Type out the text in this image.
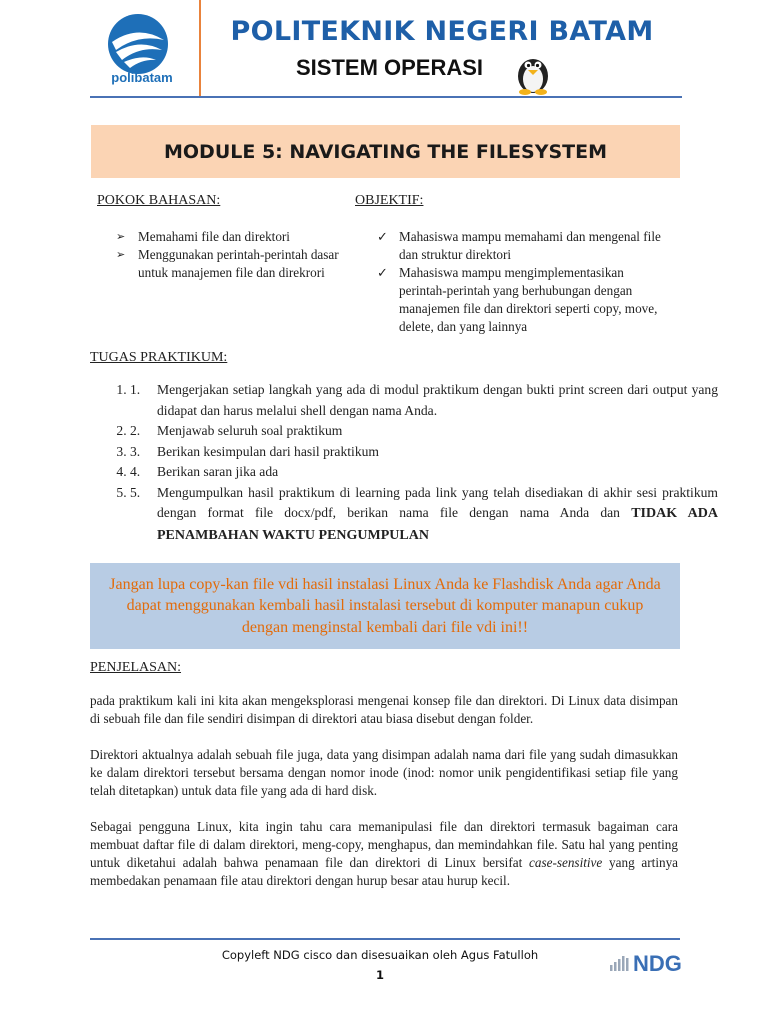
polibatam
POLITEKNIK NEGERI BATAM
SISTEM OPERASI
MODULE 5: NAVIGATING THE FILESYSTEM
POKOK BAHASAN:	OBJEKTIF:
➢ Memahami file dan direktori
➢ Menggunakan perintah-perintah dasar untuk manajemen file dan direkrori
✓ Mahasiswa mampu memahami dan mengenal file dan struktur direktori
✓ Mahasiswa mampu mengimplementasikan perintah-perintah yang berhubungan dengan manajemen file dan direktori seperti copy, move, delete, dan yang lainnya
TUGAS PRAKTIKUM:
1. 1. Mengerjakan setiap langkah yang ada di modul praktikum dengan bukti print screen dari output yang didapat dan harus melalui shell dengan nama Anda.
2. 2. Menjawab seluruh soal praktikum
3. 3. Berikan kesimpulan dari hasil praktikum
4. 4. Berikan saran jika ada
5. 5. Mengumpulkan hasil praktikum di learning pada link yang telah disediakan di akhir sesi praktikum dengan format file docx/pdf, berikan nama file dengan nama Anda dan TIDAK ADA PENAMBAHAN WAKTU PENGUMPULAN
Jangan lupa copy-kan file vdi hasil instalasi Linux Anda ke Flashdisk Anda agar Anda dapat menggunakan kembali hasil instalasi tersebut di komputer manapun cukup dengan menginstal kembali dari file vdi ini!!
PENJELASAN:
pada praktikum kali ini kita akan mengeksplorasi mengenai konsep file dan direktori. Di Linux data disimpan di sebuah file dan file sendiri disimpan di direktori atau biasa disebut dengan folder.
Direktori aktualnya adalah sebuah file juga, data yang disimpan adalah nama dari file yang sudah dimasukkan ke dalam direktori tersebut bersama dengan nomor inode (inod: nomor unik pengidentifikasi setiap file yang telah ditetapkan) untuk data file yang ada di hard disk.
Sebagai pengguna Linux, kita ingin tahu cara memanipulasi file dan direktori termasuk bagaiman cara membuat daftar file di dalam direktori, meng-copy, menghapus, dan memindahkan file. Satu hal yang penting untuk diketahui adalah bahwa penamaan file dan direktori di Linux bersifat case-sensitive yang artinya membedakan penamaan file atau direktori dengan hurup besar atau hurup kecil.
Copyleft NDG cisco dan disesuaikan oleh Agus Fatulloh
1	NDG
